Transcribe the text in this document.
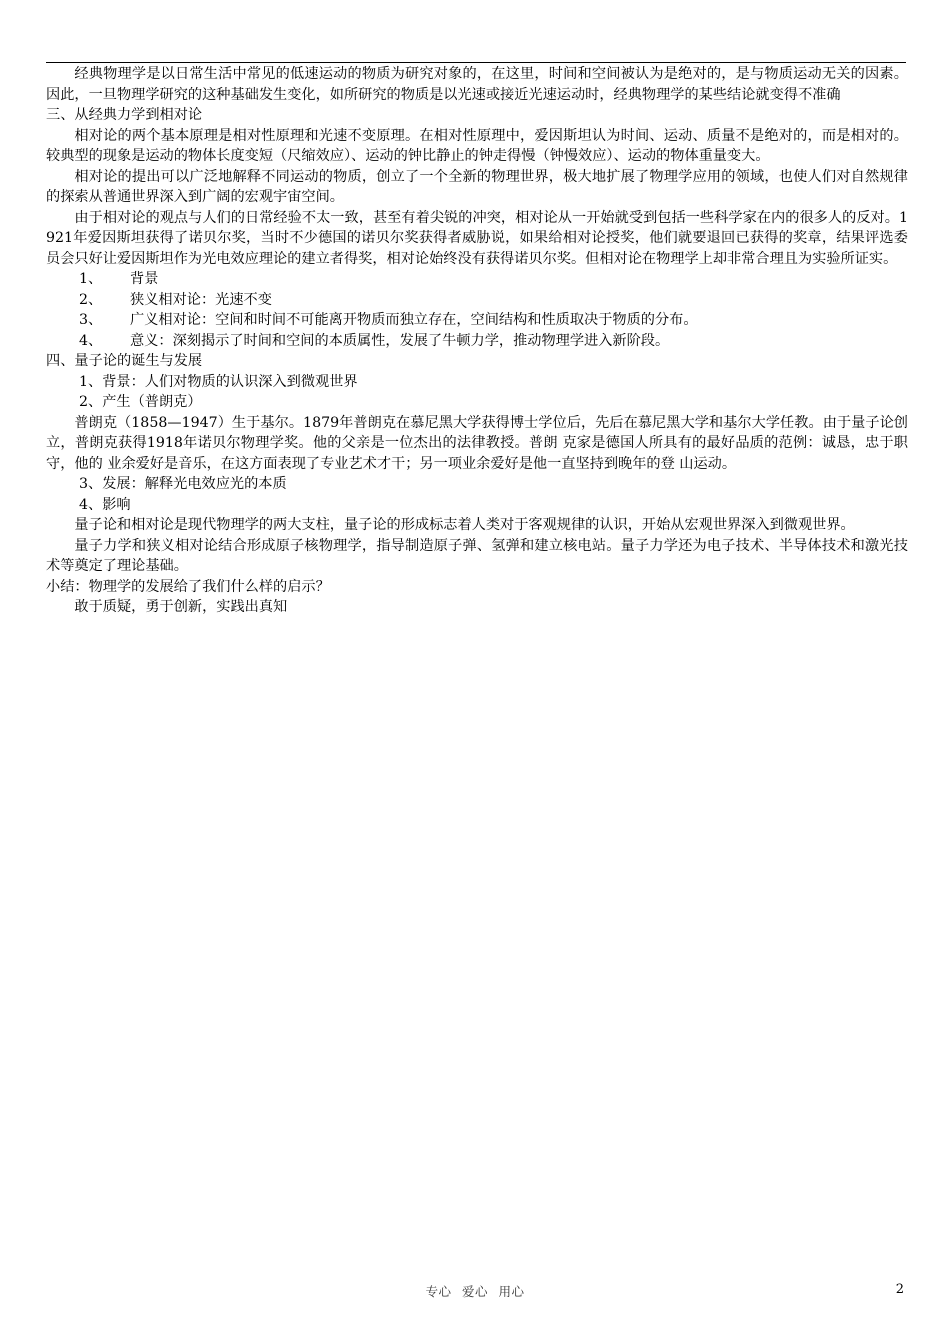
经典物理学是以日常生活中常见的低速运动的物质为研究对象的，在这里，时间和空间被认为是绝对的，是与物质运动无关的因素。因此，一旦物理学研究的这种基础发生变化，如所研究的物质是以光速或接近光速运动时，经典物理学的某些结论就变得不准确

三、从经典力学到相对论

相对论的两个基本原理是相对性原理和光速不变原理。在相对性原理中，爱因斯坦认为时间、运动、质量不是绝对的，而是相对的。较典型的现象是运动的物体长度变短（尺缩效应）、运动的钟比静止的钟走得慢（钟慢效应）、运动的物体重量变大。

相对论的提出可以广泛地解释不同运动的物质，创立了一个全新的物理世界，极大地扩展了物理学应用的领域，也使人们对自然规律的探索从普通世界深入到广阔的宏观宇宙空间。

由于相对论的观点与人们的日常经验不太一致，甚至有着尖锐的冲突，相对论从一开始就受到包括一些科学家在内的很多人的反对。1921年爱因斯坦获得了诺贝尔奖，当时不少德国的诺贝尔奖获得者威胁说，如果给相对论授奖，他们就要退回已获得的奖章，结果评选委员会只好让爱因斯坦作为光电效应理论的建立者得奖，相对论始终没有获得诺贝尔奖。但相对论在物理学上却非常合理且为实验所证实。

1、 背景

2、 狭义相对论：光速不变

3、 广义相对论：空间和时间不可能离开物质而独立存在，空间结构和性质取决于物质的分布。

4、 意义：深刻揭示了时间和空间的本质属性，发展了牛顿力学，推动物理学进入新阶段。

四、量子论的诞生与发展

1、背景：人们对物质的认识深入到微观世界

2、产生（普朗克）

普朗克（1858—1947）生于基尔。1879年普朗克在慕尼黑大学获得博士学位后，先后在慕尼黑大学和基尔大学任教。由于量子论创立，普朗克获得1918年诺贝尔物理学奖。他的父亲是一位杰出的法律教授。普朗 克家是德国人所具有的最好品质的范例：诚恳，忠于职守，他的 业余爱好是音乐，在这方面表现了专业艺术才干；另一项业余爱好是他一直坚持到晚年的登 山运动。

3、发展：解释光电效应光的本质

4、影响

量子论和相对论是现代物理学的两大支柱，量子论的形成标志着人类对于客观规律的认识，开始从宏观世界深入到微观世界。

量子力学和狭义相对论结合形成原子核物理学，指导制造原子弹、氢弹和建立核电站。量子力学还为电子技术、半导体技术和激光技术等奠定了理论基础。

小结：物理学的发展给了我们什么样的启示？

敢于质疑，勇于创新，实践出真知

专心 爱心 用心	2
